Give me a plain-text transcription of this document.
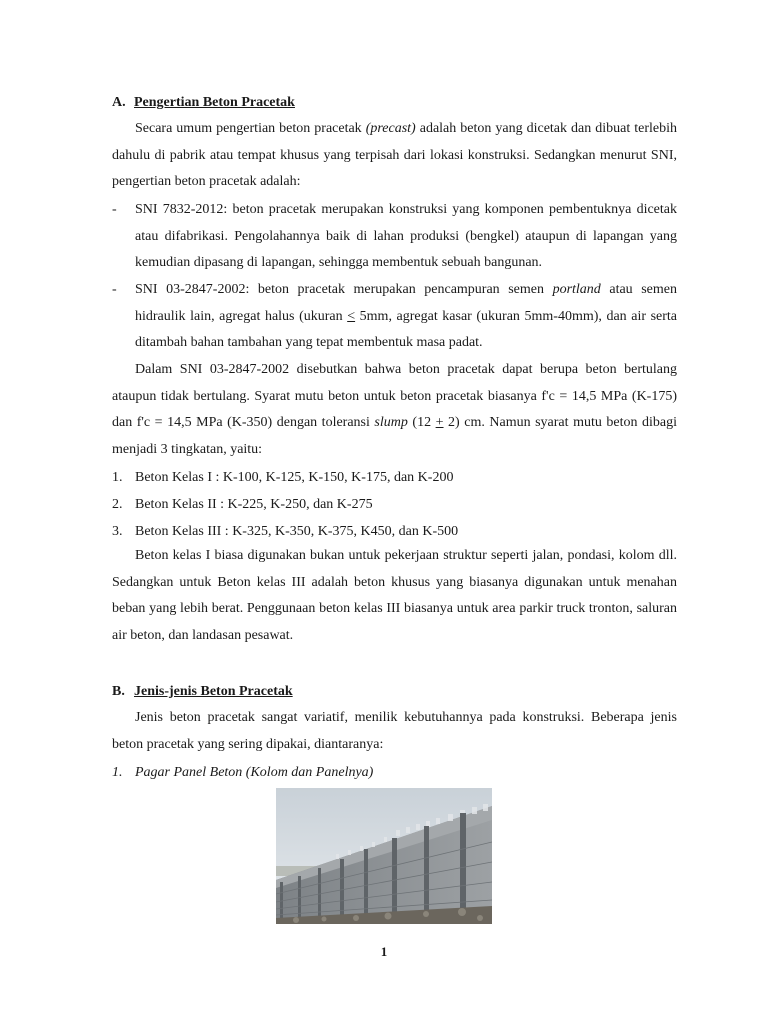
A. Pengertian Beton Pracetak

Secara umum pengertian beton pracetak (precast) adalah beton yang dicetak dan dibuat terlebih dahulu di pabrik atau tempat khusus yang terpisah dari lokasi konstruksi. Sedangkan menurut SNI, pengertian beton pracetak adalah:

- SNI 7832-2012: beton pracetak merupakan konstruksi yang komponen pembentuknya dicetak atau difabrikasi. Pengolahannya baik di lahan produksi (bengkel) ataupun di lapangan yang kemudian dipasang di lapangan, sehingga membentuk sebuah bangunan.
- SNI 03-2847-2002: beton pracetak merupakan pencampuran semen portland atau semen hidraulik lain, agregat halus (ukuran ≤ 5mm, agregat kasar (ukuran 5mm-40mm), dan air serta ditambah bahan tambahan yang tepat membentuk masa padat.

Dalam SNI 03-2847-2002 disebutkan bahwa beton pracetak dapat berupa beton bertulang ataupun tidak bertulang. Syarat mutu beton untuk beton pracetak biasanya f'c = 14,5 MPa (K-175) dan f'c = 14,5 MPa (K-350) dengan toleransi slump (12 + 2) cm. Namun syarat mutu beton dibagi menjadi 3 tingkatan, yaitu:

1. Beton Kelas I : K-100, K-125, K-150, K-175, dan K-200
2. Beton Kelas II : K-225, K-250, dan K-275
3. Beton Kelas III : K-325, K-350, K-375, K450, dan K-500

Beton kelas I biasa digunakan bukan untuk pekerjaan struktur seperti jalan, pondasi, kolom dll. Sedangkan untuk Beton kelas III adalah beton khusus yang biasanya digunakan untuk menahan beban yang lebih berat. Penggunaan beton kelas III biasanya untuk area parkir truck tronton, saluran air beton, dan landasan pesawat.

B. Jenis-jenis Beton Pracetak

Jenis beton pracetak sangat variatif, menilik kebutuhannya pada konstruksi. Beberapa jenis beton pracetak yang sering dipakai, diantaranya:

1. Pagar Panel Beton (Kolom dan Panelnya)
1
